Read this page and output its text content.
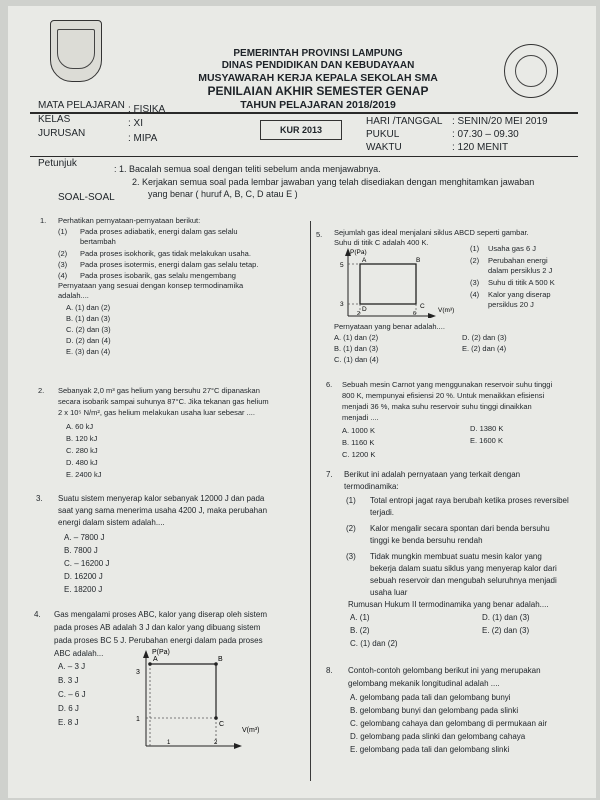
PEMERINTAH PROVINSI LAMPUNG
DINAS PENDIDIKAN DAN KEBUDAYAAN
MUSYAWARAH KERJA KEPALA SEKOLAH SMA
PENILAIAN AKHIR SEMESTER GENAP
TAHUN PELAJARAN 2018/2019
MATA PELAJARAN : FISIKA
KELAS	: XI
JURUSAN	: MIPA
KUR 2013
HARI /TANGGAL : SENIN/20 MEI 2019
PUKUL	: 07.30 – 09.30
WAKTU	: 120 MENIT
Petunjuk	: 1. Bacalah semua soal dengan teliti sebelum anda menjawabnya.
2. Kerjakan semua soal pada lembar jawaban yang telah disediakan dengan menghitamkan jawaban
yang benar ( huruf A, B, C, D atau E )
SOAL-SOAL
1. Perhatikan pernyataan-pernyataan berikut:
(1) Pada proses adiabatik, energi dalam gas selalu
bertambah
(2) Pada proses isokhorik, gas tidak melakukan usaha.
(3) Pada proses isotermis, energi dalam gas selalu tetap.
(4) Pada proses isobarik, gas selalu mengembang
Pernyataan yang sesuai dengan konsep termodinamika
adalah....
A. (1) dan (2)
B. (1) dan (3)
C. (2) dan (3)
D. (2) dan (4)
E. (3) dan (4)
2. Sebanyak 2,0 m³ gas helium yang bersuhu 27°C dipanaskan
secara isobarik sampai suhunya 87°C. Jika tekanan gas helium
2 x 10⁵ N/m², gas helium melakukan usaha luar sebesar ....
A. 60 kJ
B. 120 kJ
C. 280 kJ
D. 480 kJ
E. 2400 kJ
3. Suatu sistem menyerap kalor sebanyak 12000 J dan pada
saat yang sama menerima usaha 4200 J, maka perubahan
energi dalam sistem adalah....
A. – 7800 J
B. 7800 J
C. – 16200 J
D. 16200 J
E. 18200 J
4. Gas mengalami proses ABC, kalor yang diserap oleh sistem
pada proses AB adalah 3 J dan kalor yang dibuang sistem
pada proses BC 5 J. Perubahan energi dalam pada proses
ABC adalah...
A. – 3 J
B. 3 J
C. – 6 J
D. 6 J
E. 8 J
P(Pa)
V(m³)
A	B
C
3
1
1	2
5. Sejumlah gas ideal menjalani siklus ABCD seperti gambar.
Suhu di titik C adalah 400 K.
P(Pa)
V(m³)
A	B
C
D
5
3
2	6
(1) Usaha gas 6 J
(2) Perubahan energi
dalam persiklus 2 J
(3) Suhu di titik A 500 K
(4) Kalor yang diserap
persiklus 20 J
Pernyataan yang benar adalah....
A. (1) dan (2)
B. (1) dan (3)
C. (1) dan (4)
D. (2) dan (3)
E. (2) dan (4)
6. Sebuah mesin Carnot yang menggunakan reservoir suhu tinggi
800 K, mempunyai efisiensi 20 %. Untuk menaikkan efisiensi
menjadi 36 %, maka suhu reservoir suhu tinggi dinaikkan
menjadi ....
A. 1000 K
B. 1160 K
C. 1200 K
D. 1380 K
E. 1600 K
7. Berikut ini adalah pernyataan yang terkait dengan
termodinamika:
(1) Total entropi jagat raya berubah ketika proses reversibel
terjadi.
(2) Kalor mengalir secara spontan dari benda bersuhu
tinggi ke benda bersuhu rendah
(3) Tidak mungkin membuat suatu mesin kalor yang
bekerja dalam suatu siklus yang menyerap kalor dari
sebuah reservoir dan mengubah seluruhnya menjadi
usaha luar
Rumusan Hukum II termodinamika yang benar adalah....
A. (1)
B. (2)
C. (1) dan (2)
D. (1) dan (3)
E. (2) dan (3)
8. Contoh-contoh gelombang berikut ini yang merupakan
gelombang mekanik longitudinal adalah ....
A. gelombang pada tali dan gelombang bunyi
B. gelombang bunyi dan gelombang pada slinki
C. gelombang cahaya dan gelombang di permukaan air
D. gelombang pada slinki dan gelombang cahaya
E. gelombang pada tali dan gelombang slinki
